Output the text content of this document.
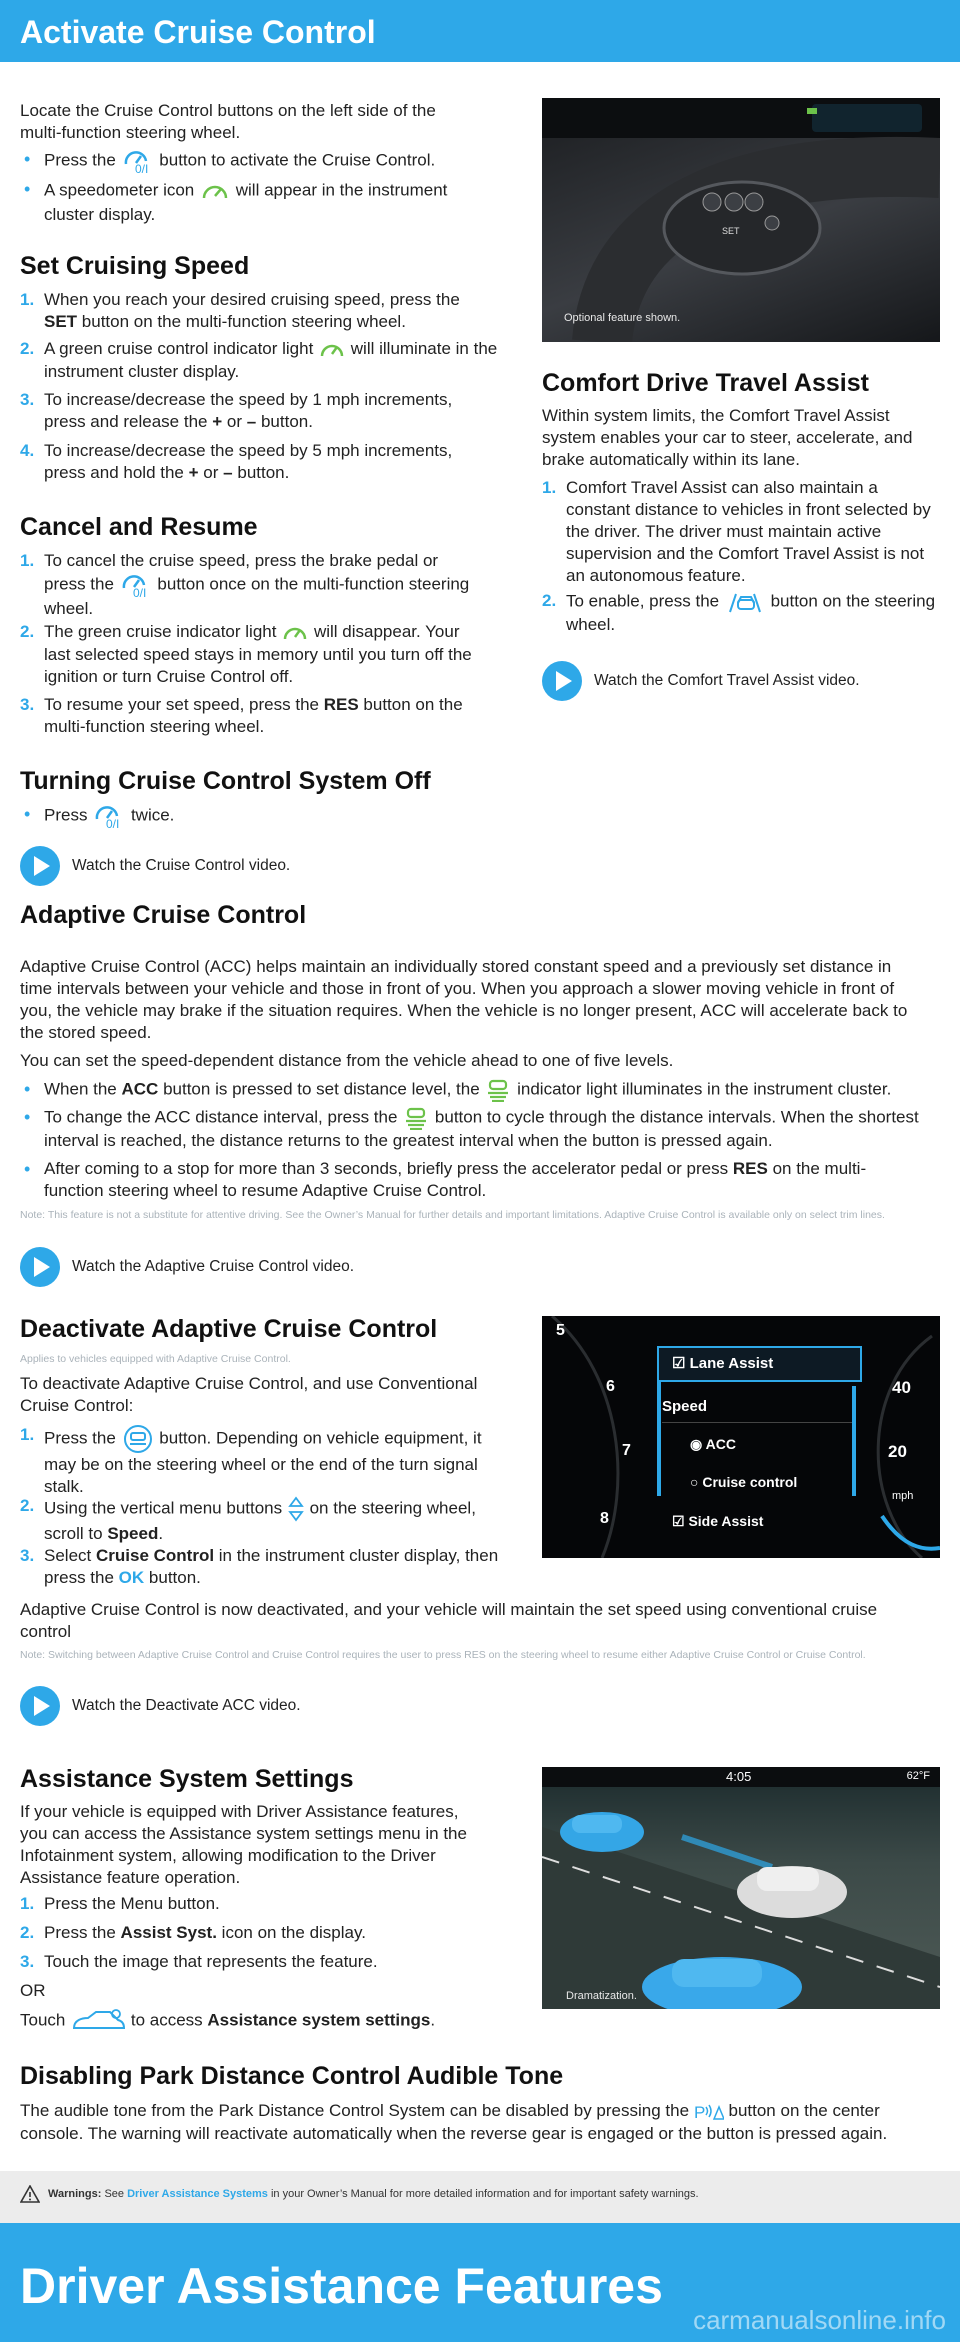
Activate Cruise Control
Locate the Cruise Control buttons on the left side of the multi-function steering wheel.
• Press the 0/I button to activate the Cruise Control.
• A speedometer icon will appear in the instrument cluster display.
Set Cruising Speed
1. When you reach your desired cruising speed, press the SET button on the multi-function steering wheel.
2. A green cruise control indicator light will illuminate in the instrument cluster display.
3. To increase/decrease the speed by 1 mph increments, press and release the + or – button.
4. To increase/decrease the speed by 5 mph increments, press and hold the + or – button.
Cancel and Resume
1. To cancel the cruise speed, press the brake pedal or press the 0/I button once on the multi-function steering wheel.
2. The green cruise indicator light will disappear. Your last selected speed stays in memory until you turn off the ignition or turn Cruise Control off.
3. To resume your set speed, press the RES button on the multi-function steering wheel.
Turning Cruise Control System Off
• Press 0/I twice.
Watch the Cruise Control video.
SET
Optional feature shown.
Comfort Drive Travel Assist
Within system limits, the Comfort Travel Assist system enables your car to steer, accelerate, and brake automatically within its lane.
1. Comfort Travel Assist can also maintain a constant distance to vehicles in front selected by the driver. The driver must maintain active supervision and the Comfort Travel Assist is not an autonomous feature.
2. To enable, press the	button on the steering wheel.
Watch the Comfort Travel Assist video.
Adaptive Cruise Control
Adaptive Cruise Control (ACC) helps maintain an individually stored constant speed and a previously set distance in time intervals between your vehicle and those in front of you. When you approach a slower moving vehicle in front of you, the vehicle may brake if the situation requires. When the vehicle is no longer present, ACC will accelerate back to the stored speed.
You can set the speed-dependent distance from the vehicle ahead to one of five levels.
• When the ACC button is pressed to set distance level, the indicator light illuminates in the instrument cluster.
• To change the ACC distance interval, press the button to cycle through the distance intervals. When the shortest interval is reached, the distance returns to the greatest interval when the button is pressed again.
• After coming to a stop for more than 3 seconds, briefly press the accelerator pedal or press RES on the multi-function steering wheel to resume Adaptive Cruise Control.
Note: This feature is not a substitute for attentive driving. See the Owner’s Manual for further details and important limitations. Adaptive Cruise Control is available only on select trim lines.
Watch the Adaptive Cruise Control video.
Deactivate Adaptive Cruise Control
Applies to vehicles equipped with Adaptive Cruise Control.
To deactivate Adaptive Cruise Control, and use Conventional Cruise Control:
1. Press the	button. Depending on vehicle equipment, it may be on the steering wheel or the end of the turn signal stalk.
2. Using the vertical menu buttons on the steering wheel, scroll to Speed.
3. Select Cruise Control in the instrument cluster display, then press the OK button.
Adaptive Cruise Control is now deactivated, and your vehicle will maintain the set speed using conventional cruise control
Note: Switching between Adaptive Cruise Control and Cruise Control requires the user to press RES on the steering wheel to resume either Adaptive Cruise Control or Cruise Control.
Watch the Deactivate ACC video.
☑ Lane Assist
Speed
◉ ACC
○ Cruise control
☑ Side Assist
5
6
7
8
40
20
mph
Assistance System Settings
If your vehicle is equipped with Driver Assistance features, you can access the Assistance system settings menu in the Infotainment system, allowing modification to the Driver Assistance feature operation.
1. Press the Menu button.
2. Press the Assist Syst. icon on the display.
3. Touch the image that represents the feature.
OR
Touch	to access Assistance system settings.
4:05	62°F
Dramatization.
Disabling Park Distance Control Audible Tone
The audible tone from the Park Distance Control System can be disabled by pressing the P button on the center console. The warning will reactivate automatically when the reverse gear is engaged or the button is pressed again.
Warnings: See Driver Assistance Systems in your Owner’s Manual for more detailed information and for important safety warnings.
Driver Assistance Features
carmanualsonline.info
